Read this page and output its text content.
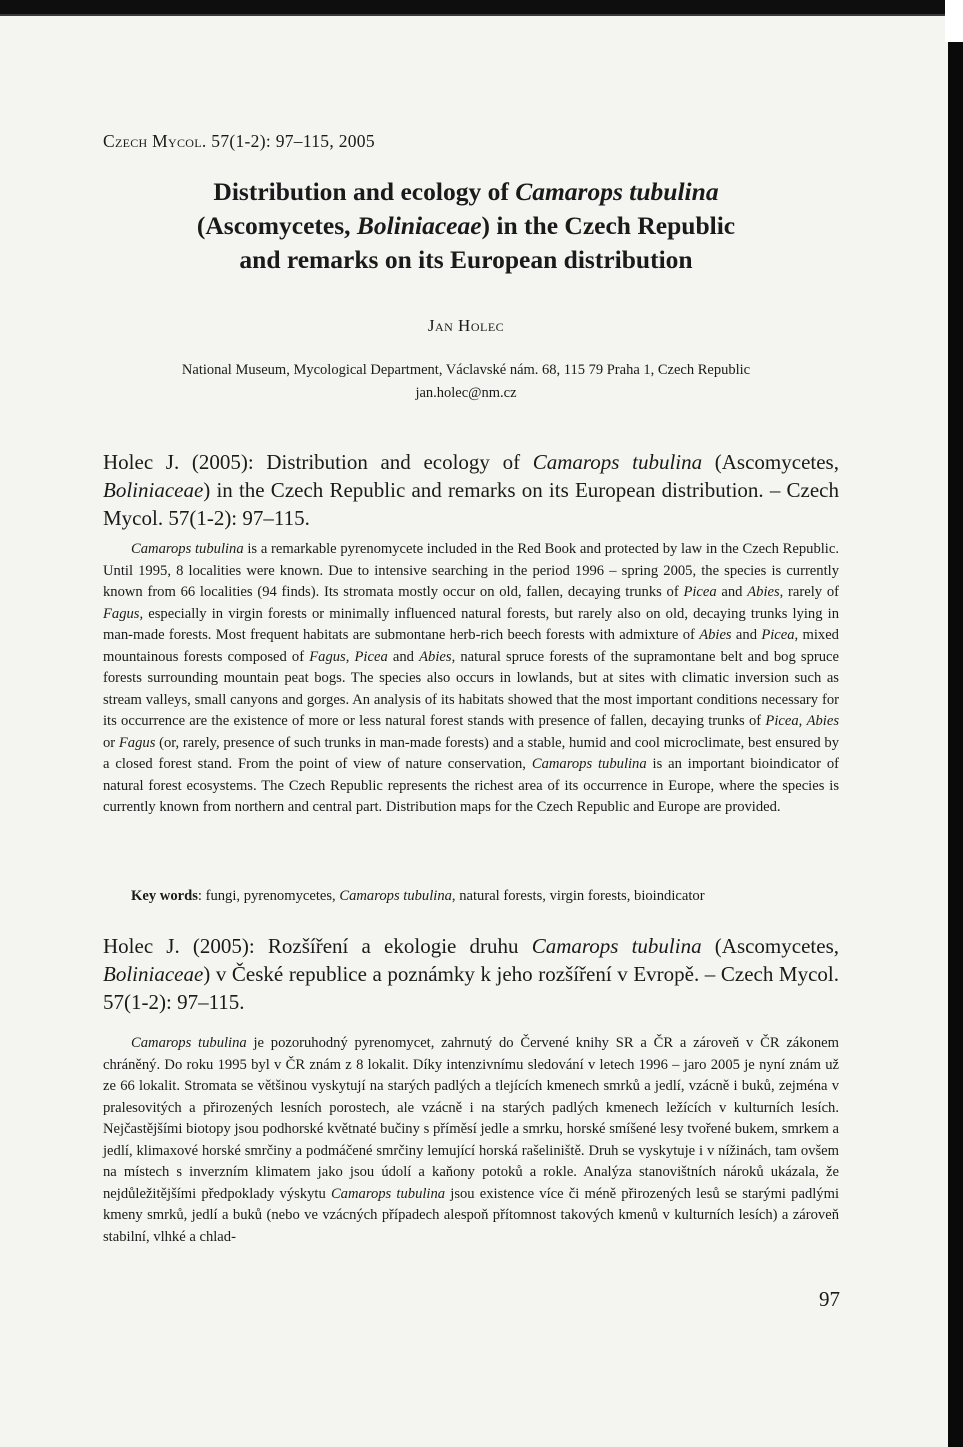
Czech Mycol. 57(1-2): 97–115, 2005
Distribution and ecology of Camarops tubulina
(Ascomycetes, Boliniaceae) in the Czech Republic
and remarks on its European distribution
Jan Holec
National Museum, Mycological Department, Václavské nám. 68, 115 79 Praha 1, Czech Republic
jan.holec@nm.cz
Holec J. (2005): Distribution and ecology of Camarops tubulina (Ascomycetes, Boliniaceae) in the Czech Republic and remarks on its European distribution. – Czech Mycol. 57(1-2): 97–115.
Camarops tubulina is a remarkable pyrenomycete included in the Red Book and protected by law in the Czech Republic. Until 1995, 8 localities were known. Due to intensive searching in the period 1996 – spring 2005, the species is currently known from 66 localities (94 finds). Its stromata mostly occur on old, fallen, decaying trunks of Picea and Abies, rarely of Fagus, especially in virgin forests or minimally influenced natural forests, but rarely also on old, decaying trunks lying in man-made forests. Most frequent habitats are submontane herb-rich beech forests with admixture of Abies and Picea, mixed mountainous forests composed of Fagus, Picea and Abies, natural spruce forests of the supramontane belt and bog spruce forests surrounding mountain peat bogs. The species also occurs in lowlands, but at sites with climatic inversion such as stream valleys, small canyons and gorges. An analysis of its habitats showed that the most important conditions necessary for its occurrence are the existence of more or less natural forest stands with presence of fallen, decaying trunks of Picea, Abies or Fagus (or, rarely, presence of such trunks in man-made forests) and a stable, humid and cool microclimate, best ensured by a closed forest stand. From the point of view of nature conservation, Camarops tubulina is an important bioindicator of natural forest ecosystems. The Czech Republic represents the richest area of its occurrence in Europe, where the species is currently known from northern and central part. Distribution maps for the Czech Republic and Europe are provided.
Key words: fungi, pyrenomycetes, Camarops tubulina, natural forests, virgin forests, bioindicator
Holec J. (2005): Rozšíření a ekologie druhu Camarops tubulina (Ascomycetes, Boliniaceae) v České republice a poznámky k jeho rozšíření v Evropě. – Czech Mycol. 57(1-2): 97–115.
Camarops tubulina je pozoruhodný pyrenomycet, zahrnutý do Červené knihy SR a ČR a zároveň v ČR zákonem chráněný. Do roku 1995 byl v ČR znám z 8 lokalit. Díky intenzivnímu sledování v letech 1996 – jaro 2005 je nyní znám už ze 66 lokalit. Stromata se většinou vyskytují na starých padlých a tlejících kmenech smrků a jedlí, vzácně i buků, zejména v pralesovitých a přirozených lesních porostech, ale vzácně i na starých padlých kmenech ležících v kulturních lesích. Nejčastějšími biotopy jsou podhorské květnaté bučiny s příměsí jedle a smrku, horské smíšené lesy tvořené bukem, smrkem a jedlí, klimaxové horské smrčiny a podmáčené smrčiny lemující horská rašeliniště. Druh se vyskytuje i v nížinách, tam ovšem na místech s inverzním klimatem jako jsou údolí a kaňony potoků a rokle. Analýza stanovištních nároků ukázala, že nejdůležitějšími předpoklady výskytu Camarops tubulina jsou existence více či méně přirozených lesů se starými padlými kmeny smrků, jedlí a buků (nebo ve vzácných případech alespoň přítomnost takových kmenů v kulturních lesích) a zároveň stabilní, vlhké a chlad-
97
